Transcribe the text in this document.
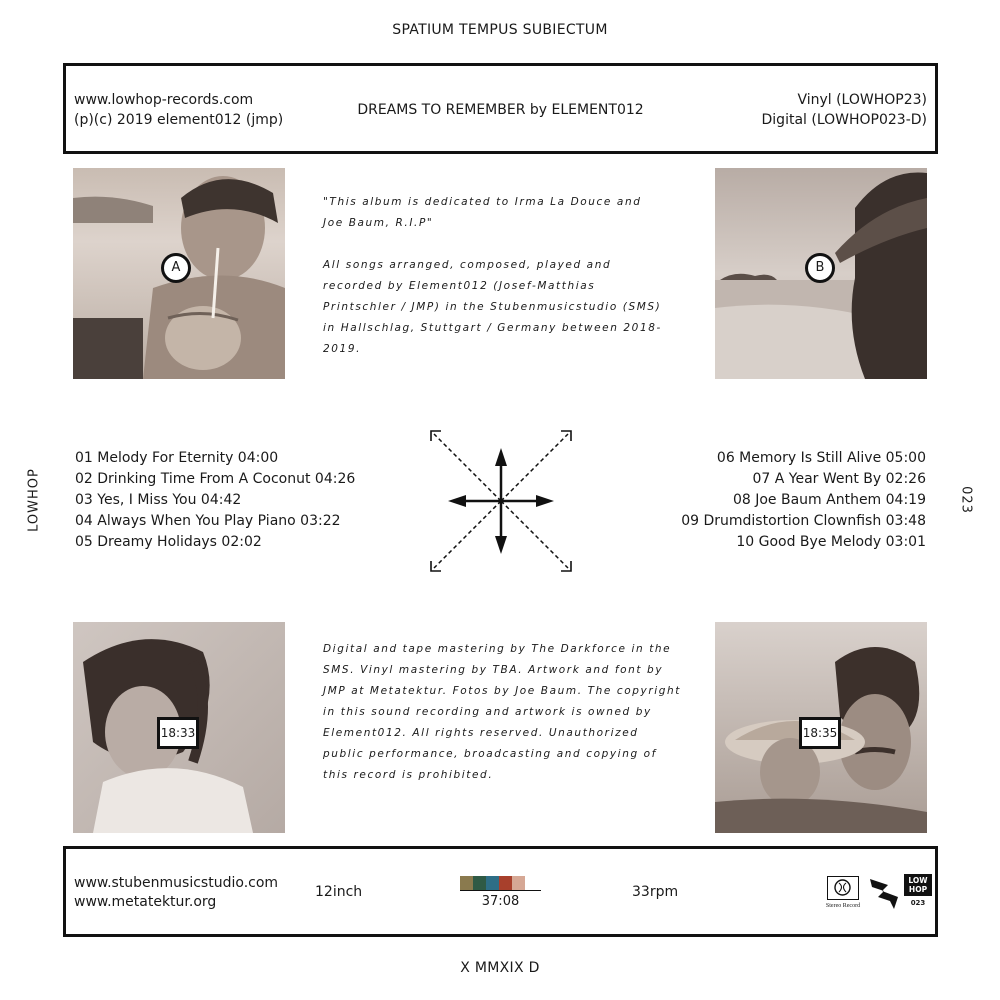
SPATIUM TEMPUS SUBIECTUM
X MMXIX D
LOWHOP	023
www.lowhop-records.com
(p)(c) 2019 element012 (jmp)
DREAMS TO REMEMBER by ELEMENT012
Vinyl (LOWHOP23)
Digital (LOWHOP023-D)
A	B

"This album is dedicated to Irma La Douce and Joe Baum, R.I.P"

All songs arranged, composed, played and recorded by Element012 (Josef-Matthias Printschler / JMP) in the Stubenmusicstudio (SMS) in Hallschlag, Stuttgart / Germany between 2018-2019.

01 Melody For Eternity 04:00
02 Drinking Time From A Coconut 04:26
03 Yes, I Miss You 04:42
04 Always When You Play Piano 03:22
05 Dreamy Holidays 02:02
06 Memory Is Still Alive 05:00
07 A Year Went By 02:26
08 Joe Baum Anthem 04:19
09 Drumdistortion Clownfish 03:48
10 Good Bye Melody 03:01
18:33	18:35
Digital and tape mastering by The Darkforce in the SMS. Vinyl mastering by TBA. Artwork and font by JMP at Metatektur. Fotos by Joe Baum. The copyright in this sound recording and artwork is owned by Element012. All rights reserved. Unauthorized public performance, broadcasting and copying of this record is prohibited.
www.stubenmusicstudio.com
www.metatektur.org
12inch
37:08
33rpm
Stereo Record
LOW
HOP
023
